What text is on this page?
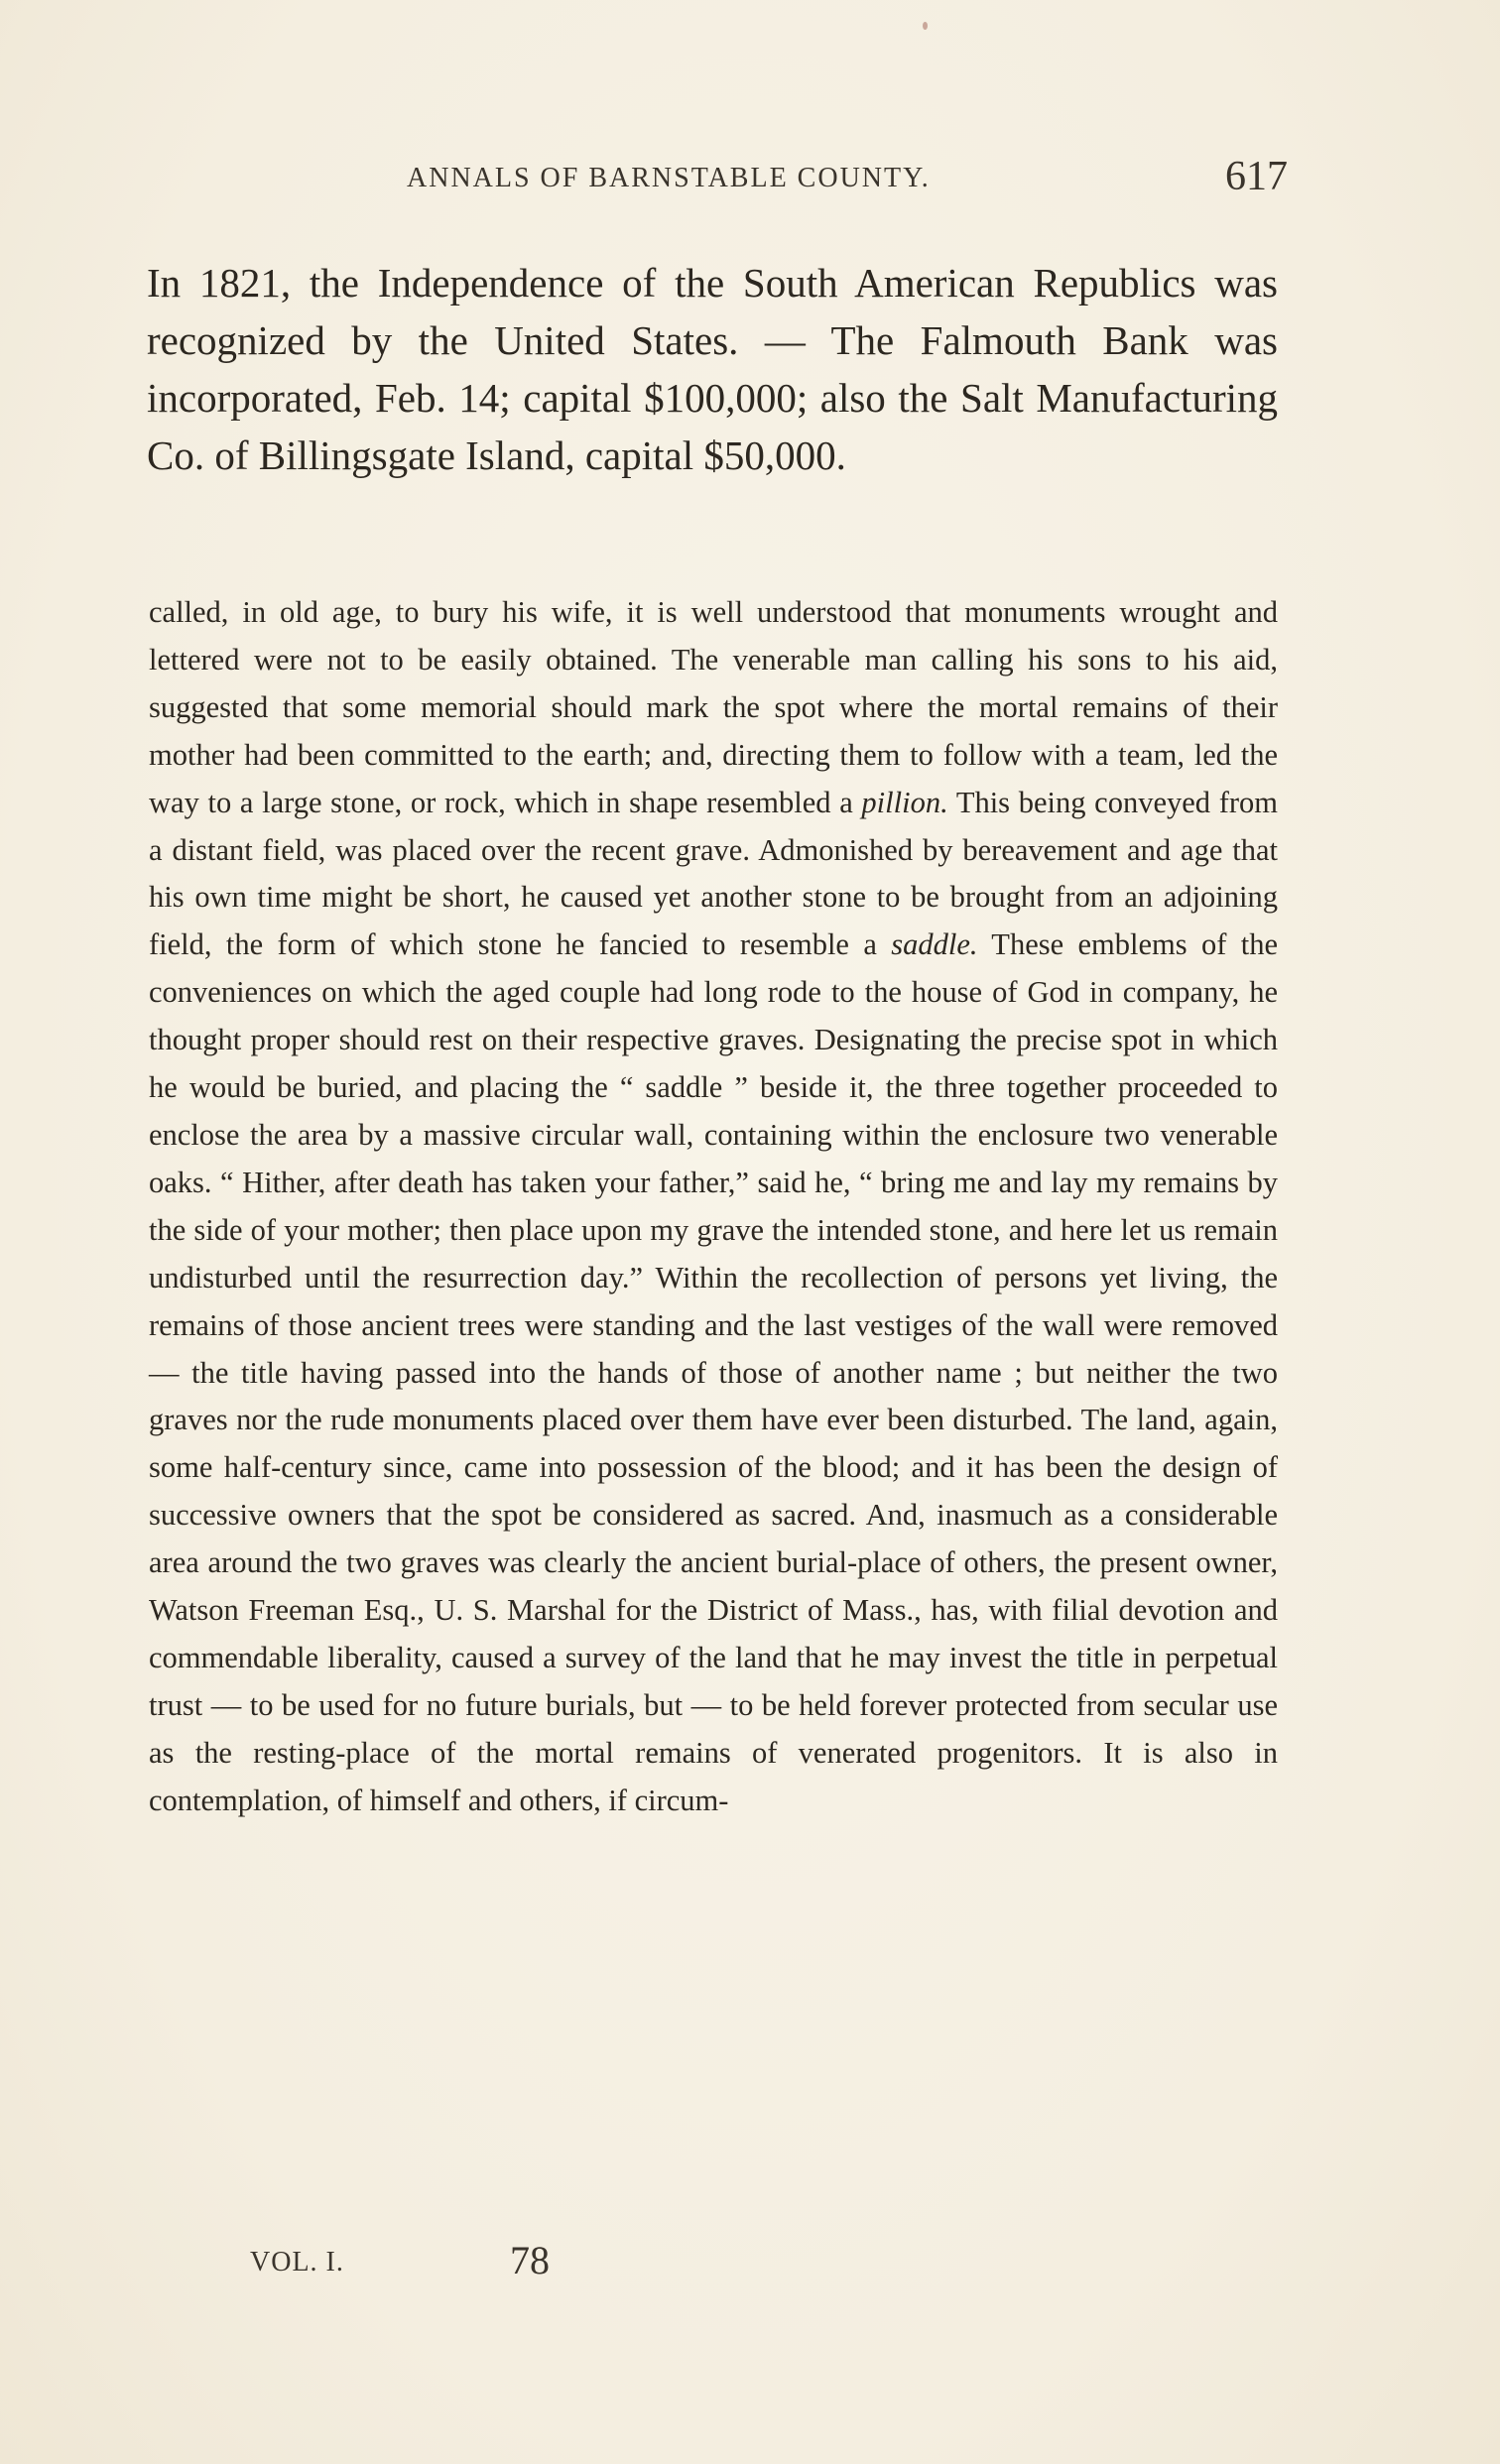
ANNALS OF BARNSTABLE COUNTY.	617

In 1821, the Independence of the South American Republics was recognized by the United States. — The Falmouth Bank was incorporated, Feb. 14; capital $100,000; also the Salt Manufacturing Co. of Billingsgate Island, capital $50,000.

called, in old age, to bury his wife, it is well understood that monuments wrought and lettered were not to be easily obtained. The venerable man calling his sons to his aid, suggested that some memorial should mark the spot where the mortal remains of their mother had been committed to the earth; and, directing them to follow with a team, led the way to a large stone, or rock, which in shape resembled a pillion. This being conveyed from a distant field, was placed over the recent grave. Admonished by bereavement and age that his own time might be short, he caused yet another stone to be brought from an adjoining field, the form of which stone he fancied to resemble a saddle. These emblems of the conveniences on which the aged couple had long rode to the house of God in company, he thought proper should rest on their respective graves. Designating the precise spot in which he would be buried, and placing the “ saddle ” beside it, the three together proceeded to enclose the area by a massive circular wall, containing within the enclosure two venerable oaks. “ Hither, after death has taken your father,” said he, “ bring me and lay my remains by the side of your mother; then place upon my grave the intended stone, and here let us remain undisturbed until the resurrection day.” Within the recollection of persons yet living, the remains of those ancient trees were standing and the last vestiges of the wall were removed — the title having passed into the hands of those of another name ; but neither the two graves nor the rude monuments placed over them have ever been disturbed. The land, again, some half-century since, came into possession of the blood; and it has been the design of successive owners that the spot be considered as sacred. And, inasmuch as a considerable area around the two graves was clearly the ancient burial-place of others, the present owner, Watson Freeman Esq., U. S. Marshal for the District of Mass., has, with filial devotion and commendable liberality, caused a survey of the land that he may invest the title in perpetual trust — to be used for no future burials, but — to be held forever protected from secular use as the resting-place of the mortal remains of venerated progenitors. It is also in contemplation, of himself and others, if circum-

VOL. I.	78
